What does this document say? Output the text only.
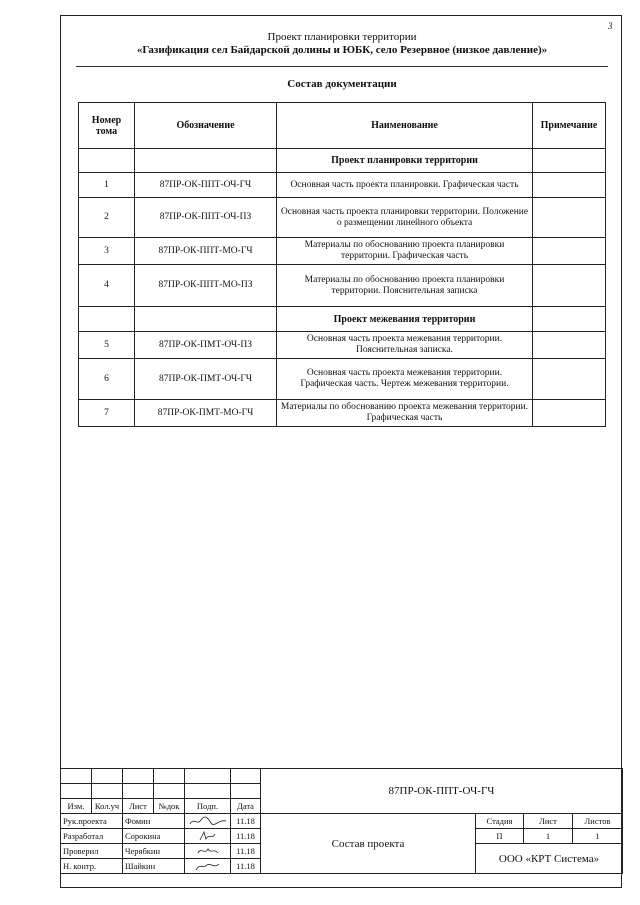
3
Проект планировки территории
«Газификация сел Байдарской долины и ЮБК, село Резервное (низкое давление)»
Состав документации
Номер тома	Обозначение	Наименование	Примечание
		Проект планировки территории	
1	87ПР-ОК-ППТ-ОЧ-ГЧ	Основная часть проекта планировки. Графическая часть	
2	87ПР-ОК-ППТ-ОЧ-ПЗ	Основная часть проекта планировки территории. Положение о размещении линейного объекта	
3	87ПР-ОК-ППТ-МО-ГЧ	Материалы по обоснованию проекта планировки территории. Графическая часть	
4	87ПР-ОК-ППТ-МО-ПЗ	Материалы по обоснованию проекта планировки территории. Пояснительная записка	
		Проект межевания территории	
5	87ПР-ОК-ПМТ-ОЧ-ПЗ	Основная часть проекта межевания территории. Пояснительная записка.	
6	87ПР-ОК-ПМТ-ОЧ-ГЧ	Основная часть проекта межевания территории. Графическая часть. Чертеж межевания территории.	
7	87ПР-ОК-ПМТ-МО-ГЧ	Материалы по обоснованию проекта межевания территории. Графическая часть	
						87ПР-ОК-ППТ-ОЧ-ГЧ			

Изм.	Кол.уч	Лист	№док	Подп.	Дата				
Рук.проекта		Фомин			11.18	Состав проекта	Стадия	Лист	Листов
Разработал		Сорокина			11.18		П	1	1
Проверил		Черябкин			11.18		ООО «КРТ Система»		
Н. контр.		Шайкин			11.18				
